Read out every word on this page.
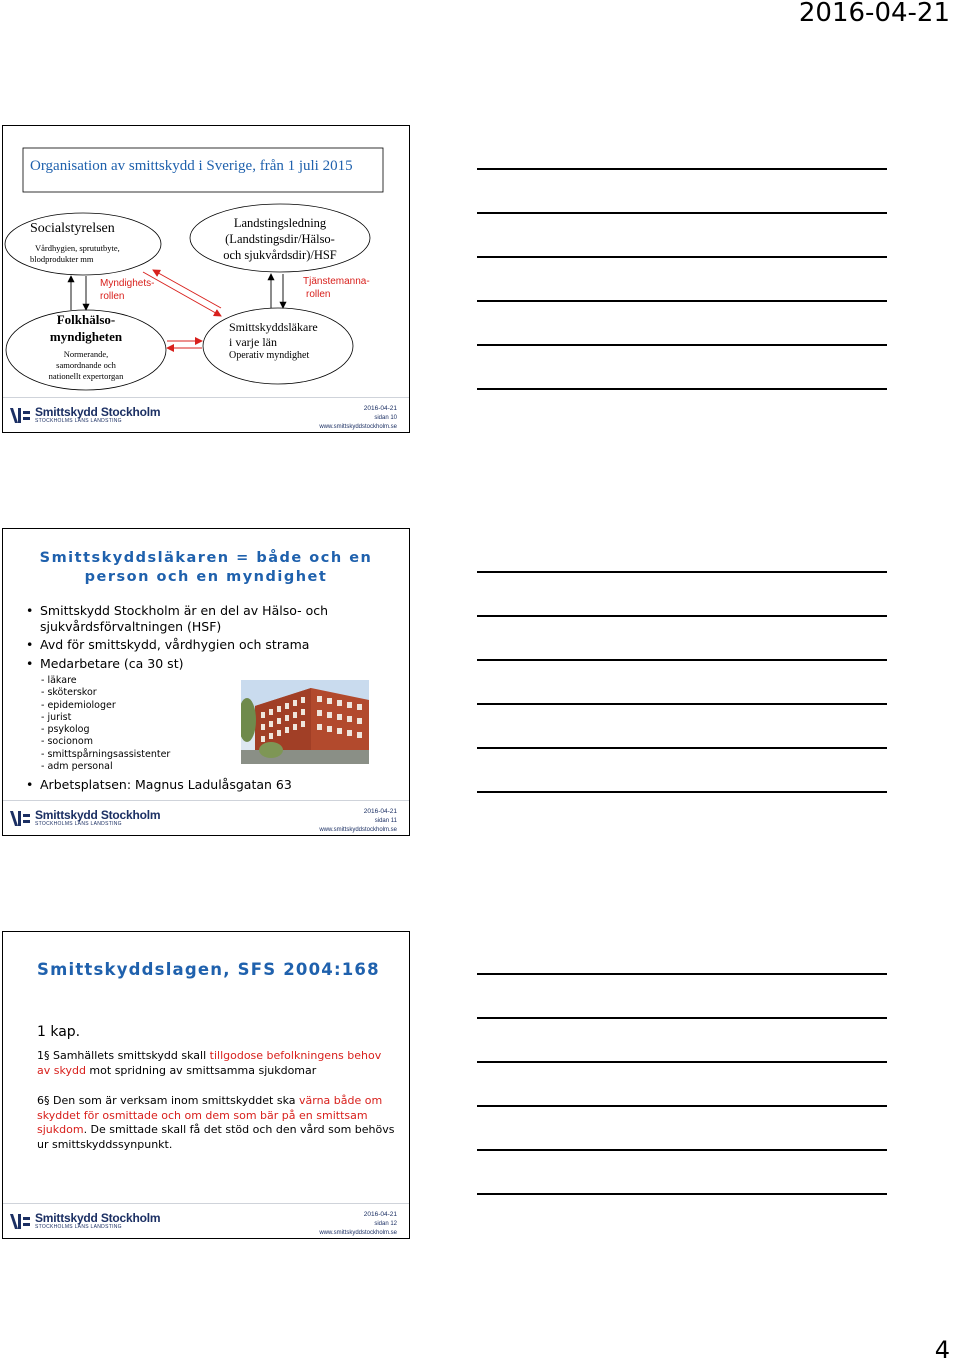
2016-04-21
Organisation av smittskydd i Sverige, från 1 juli 2015
Socialstyrelsen
Vårdhygien, sprututbyte,
blodprodukter mm
Landstingsledning
(Landstingsdir/Hälso-
och sjukvårdsdir)/HSF
Myndighets-
rollen
Tjänstemanna-
rollen
Folkhälso-
myndigheten
Normerande,
samordnande och
nationellt expertorgan
Smittskyddsläkare
i varje län
Operativ myndighet
Smittskydd Stockholm
STOCKHOLMS LÄNS LANDSTING
2016-04-21
sidan 10
www.smittskyddstockholm.se
Smittskyddsläkaren = både och en
person och en myndighet
• Smittskydd Stockholm är en del av Hälso- och sjukvårdsförvaltningen (HSF)
• Avd för smittskydd, vårdhygien och strama
• Medarbetare (ca 30 st)
- läkare
- sköterskor
- epidemiologer
- jurist
- psykolog
- socionom
- smittspårningsassistenter
- adm personal
• Arbetsplatsen: Magnus Ladulåsgatan 63
Smittskydd Stockholm
STOCKHOLMS LÄNS LANDSTING
2016-04-21
sidan 11
www.smittskyddstockholm.se
Smittskyddslagen, SFS 2004:168
1 kap.
1§ Samhällets smittskydd skall tillgodose befolkningens behov av skydd mot spridning av smittsamma sjukdomar
6§ Den som är verksam inom smittskyddet ska värna både om skyddet för osmittade och om dem som bär på en smittsam sjukdom. De smittade skall få det stöd och den vård som behövs ur smittskyddssynpunkt.
Smittskydd Stockholm
STOCKHOLMS LÄNS LANDSTING
2016-04-21
sidan 12
www.smittskyddstockholm.se
4
